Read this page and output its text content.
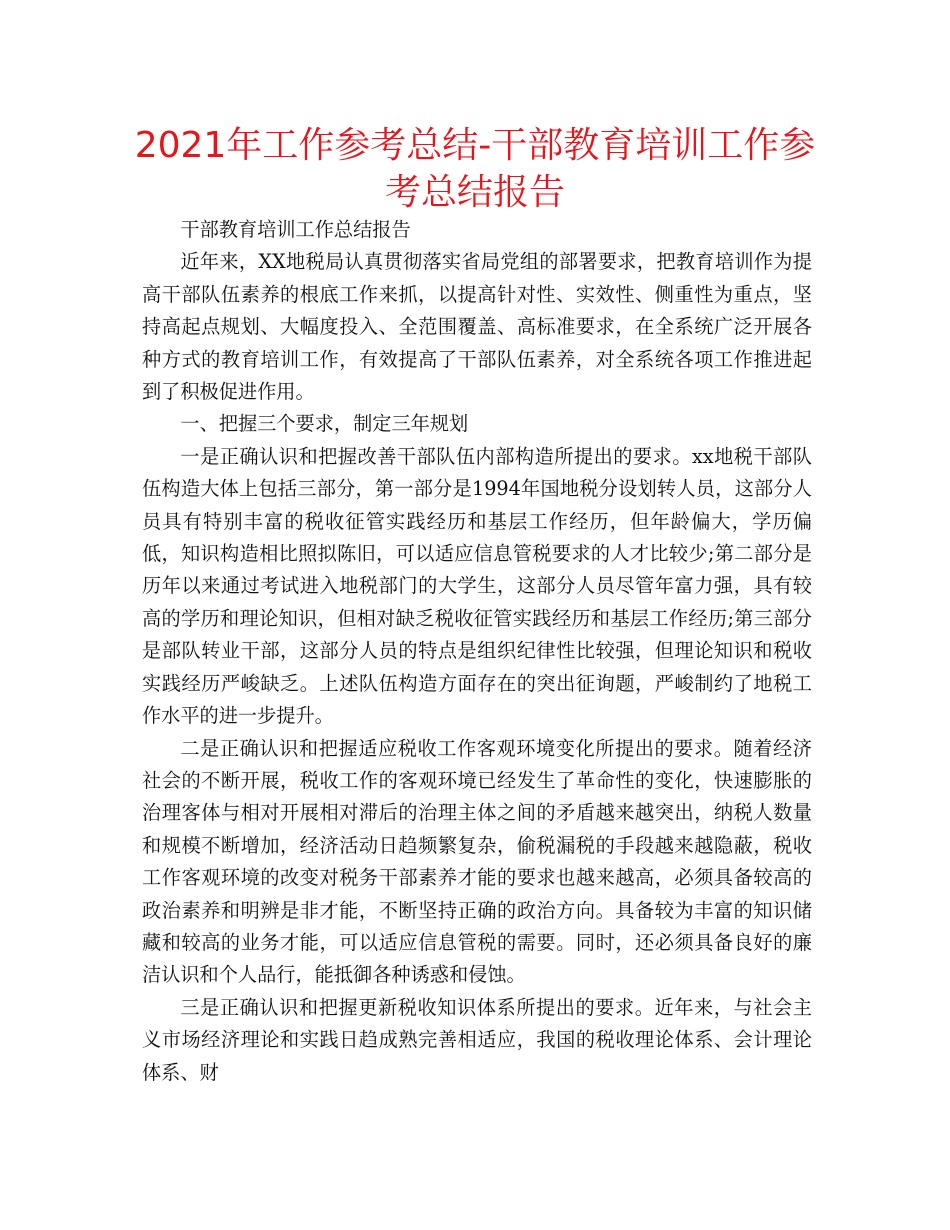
2021年工作参考总结-干部教育培训工作参考总结报告

干部教育培训工作总结报告

近年来，XX地税局认真贯彻落实省局党组的部署要求，把教育培训作为提高干部队伍素养的根底工作来抓，以提高针对性、实效性、侧重性为重点，坚持高起点规划、大幅度投入、全范围覆盖、高标准要求，在全系统广泛开展各种方式的教育培训工作，有效提高了干部队伍素养，对全系统各项工作推进起到了积极促进作用。

一、把握三个要求，制定三年规划

一是正确认识和把握改善干部队伍内部构造所提出的要求。xx地税干部队伍构造大体上包括三部分，第一部分是1994年国地税分设划转人员，这部分人员具有特别丰富的税收征管实践经历和基层工作经历，但年龄偏大，学历偏低，知识构造相比照拟陈旧，可以适应信息管税要求的人才比较少;第二部分是历年以来通过考试进入地税部门的大学生，这部分人员尽管年富力强，具有较高的学历和理论知识，但相对缺乏税收征管实践经历和基层工作经历;第三部分是部队转业干部，这部分人员的特点是组织纪律性比较强，但理论知识和税收实践经历严峻缺乏。上述队伍构造方面存在的突出征询题，严峻制约了地税工作水平的进一步提升。

二是正确认识和把握适应税收工作客观环境变化所提出的要求。随着经济社会的不断开展，税收工作的客观环境已经发生了革命性的变化，快速膨胀的治理客体与相对开展相对滞后的治理主体之间的矛盾越来越突出，纳税人数量和规模不断增加，经济活动日趋频繁复杂，偷税漏税的手段越来越隐蔽，税收工作客观环境的改变对税务干部素养才能的要求也越来越高，必须具备较高的政治素养和明辨是非才能，不断坚持正确的政治方向。具备较为丰富的知识储藏和较高的业务才能，可以适应信息管税的需要。同时，还必须具备良好的廉洁认识和个人品行，能抵御各种诱惑和侵蚀。

三是正确认识和把握更新税收知识体系所提出的要求。近年来，与社会主义市场经济理论和实践日趋成熟完善相适应，我国的税收理论体系、会计理论体系、财
